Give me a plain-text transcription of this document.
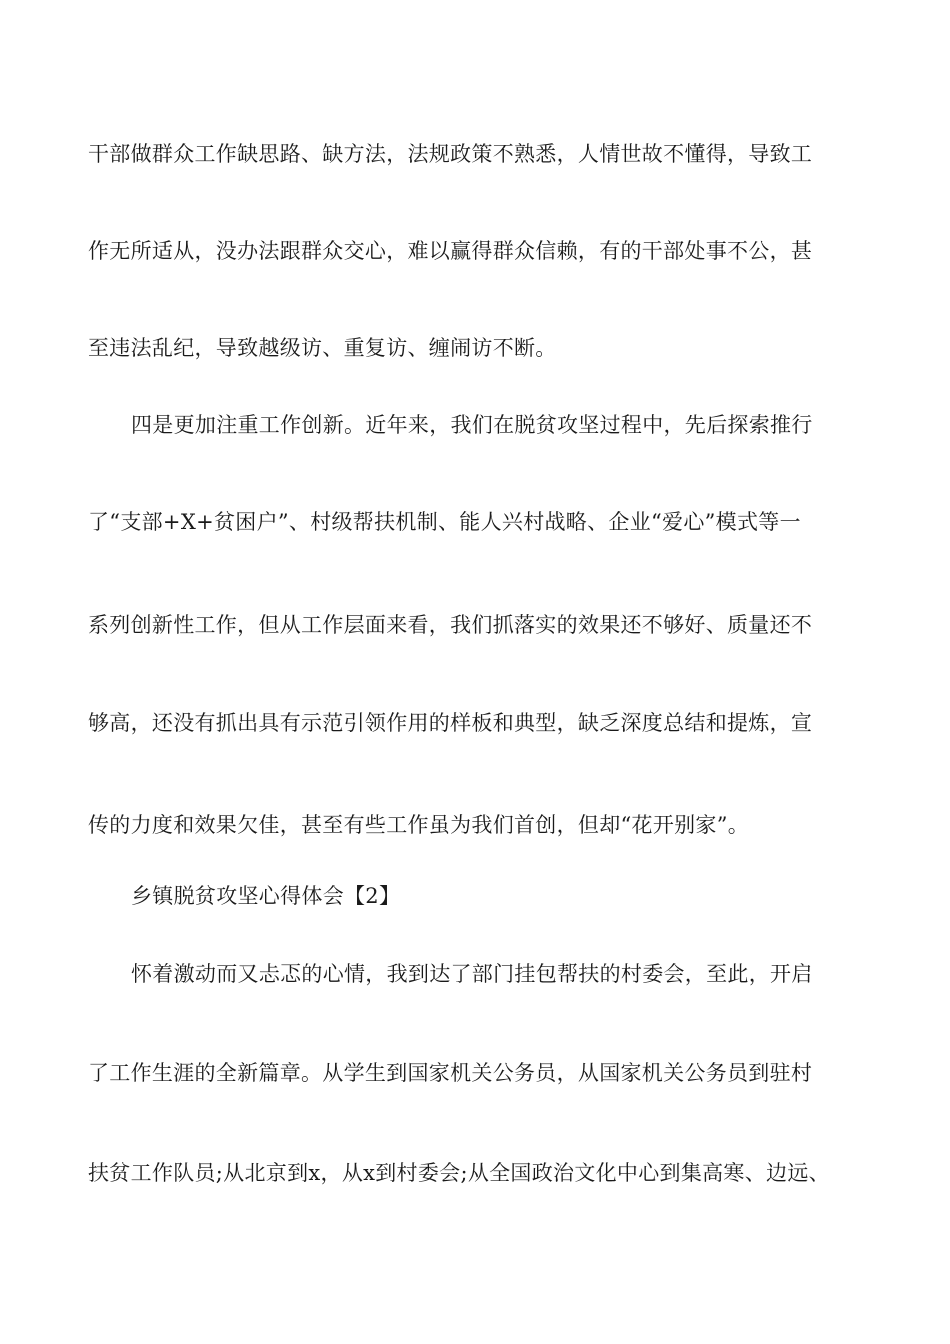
干部做群众工作缺思路、缺方法，法规政策不熟悉，人情世故不懂得，导致工
作无所适从，没办法跟群众交心，难以赢得群众信赖，有的干部处事不公，甚
至违法乱纪，导致越级访、重复访、缠闹访不断。
四是更加注重工作创新。近年来，我们在脱贫攻坚过程中，先后探索推行
了“支部+X+贫困户”、村级帮扶机制、能人兴村战略、企业“爱心”模式等一
系列创新性工作，但从工作层面来看，我们抓落实的效果还不够好、质量还不
够高，还没有抓出具有示范引领作用的样板和典型，缺乏深度总结和提炼，宣
传的力度和效果欠佳，甚至有些工作虽为我们首创，但却“花开别家”。
乡镇脱贫攻坚心得体会【2】
怀着激动而又忐忑的心情，我到达了部门挂包帮扶的村委会，至此，开启
了工作生涯的全新篇章。从学生到国家机关公务员，从国家机关公务员到驻村
扶贫工作队员;从北京到x，从x到村委会;从全国政治文化中心到集高寒、边远、
